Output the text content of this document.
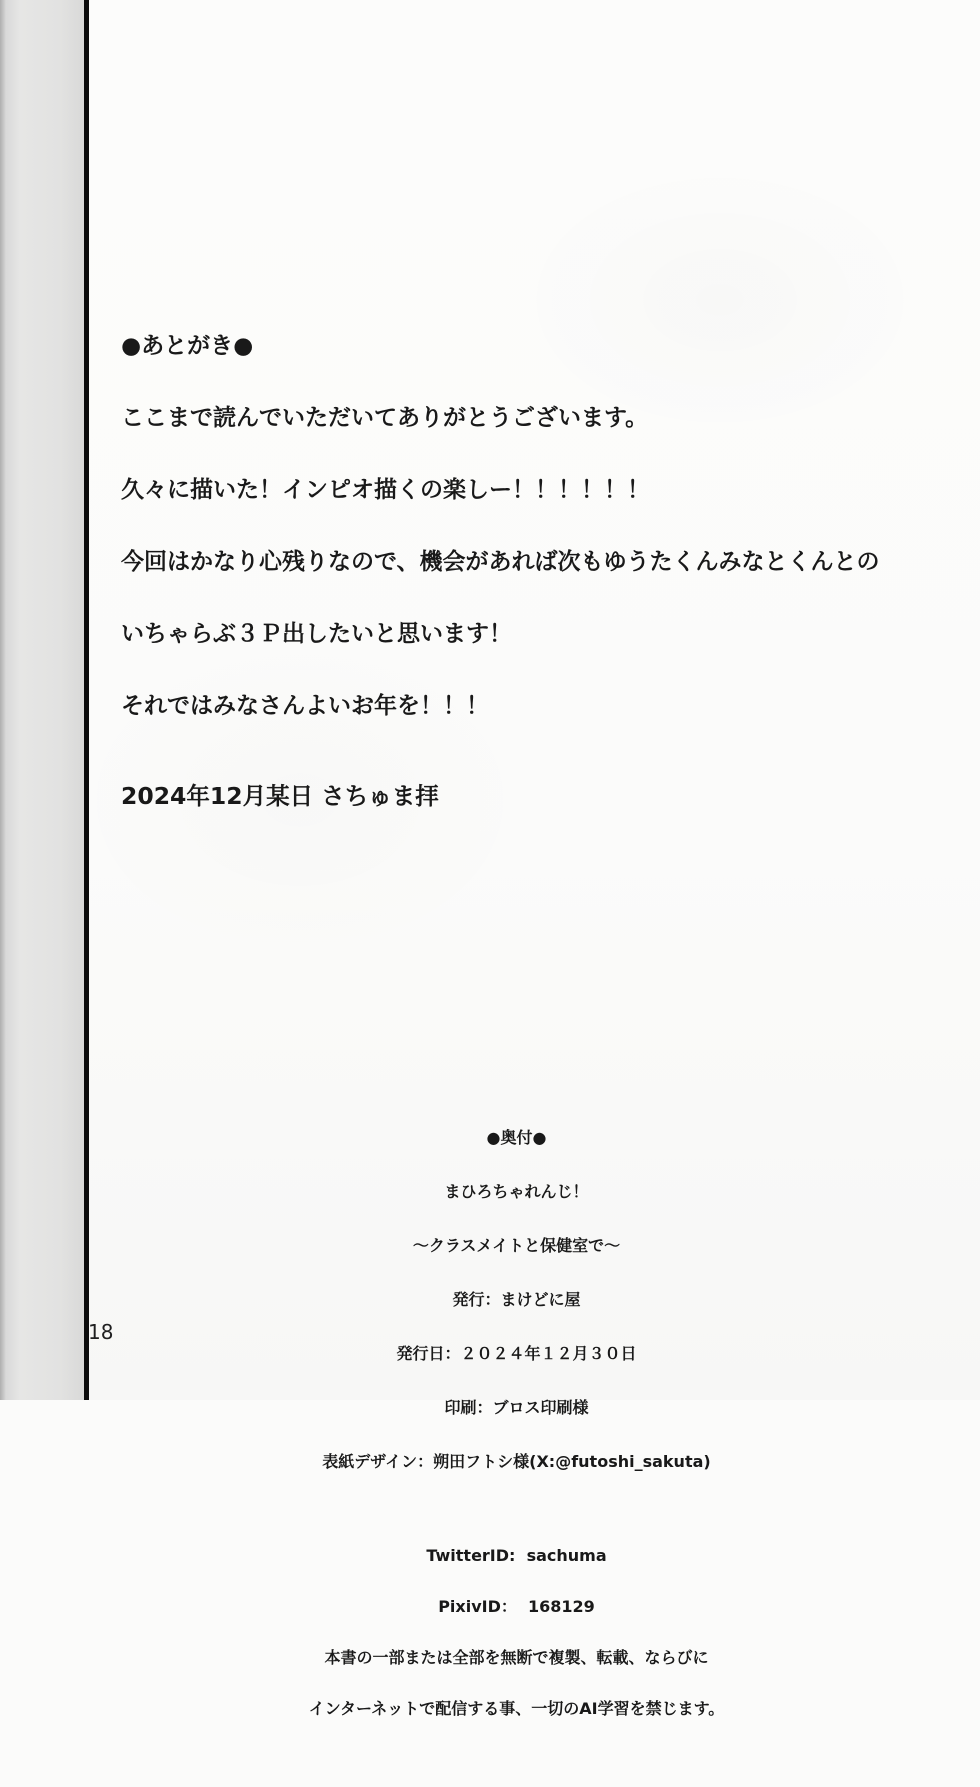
●あとがき●

ここまで読んでいただいてありがとうございます。

久々に描いた！インピオ描くの楽しー！！！！！！

今回はかなり心残りなので、機会があれば次もゆうたくんみなとくんとの

いちゃらぶ３Ｐ出したいと思います！

それではみなさんよいお年を！！！

2024年12月某日 さちゅま拝

●奥付●

まひろちゃれんじ！

～クラスメイトと保健室で～

発行：まけどに屋

発行日：２０２４年１２月３０日

印刷：ブロス印刷様

表紙デザイン：朔田フトシ様(X:@futoshi_sakuta)

TwitterID:  sachuma

PixivID：  168129

本書の一部または全部を無断で複製、転載、ならびに

インターネットで配信する事、一切のAI学習を禁じます。

18
